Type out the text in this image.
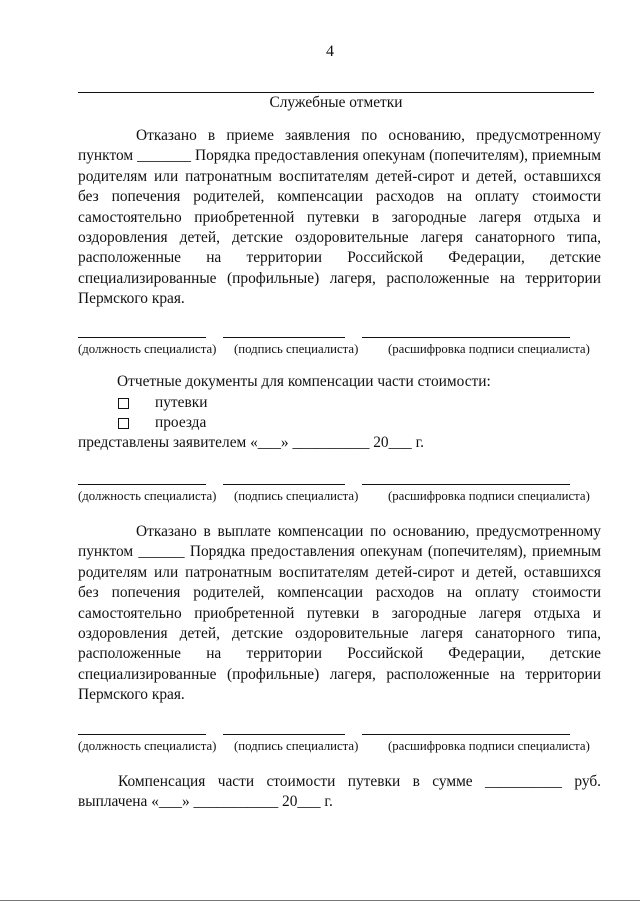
4
Служебные отметки
Отказано в приеме заявления по основанию, предусмотренному
пунктом _______ Порядка предоставления опекунам (попечителям), приемным
родителям или патронатным воспитателям детей-сирот и детей, оставшихся
без попечения родителей, компенсации расходов на оплату стоимости
самостоятельно приобретенной путевки в загородные лагеря отдыха и
оздоровления детей, детские оздоровительные лагеря санаторного типа,
расположенные на территории Российской Федерации, детские
специализированные (профильные) лагеря, расположенные на территории
Пермского края.
(должность специалиста) (подпись специалиста) (расшифровка подписи специалиста)
Отчетные документы для компенсации части стоимости:
путевки
проезда
представлены заявителем «___» __________ 20___ г.
(должность специалиста) (подпись специалиста) (расшифровка подписи специалиста)
Отказано в выплате компенсации по основанию, предусмотренному
пунктом ______ Порядка предоставления опекунам (попечителям), приемным
родителям или патронатным воспитателям детей-сирот и детей, оставшихся
без попечения родителей, компенсации расходов на оплату стоимости
самостоятельно приобретенной путевки в загородные лагеря отдыха и
оздоровления детей, детские оздоровительные лагеря санаторного типа,
расположенные на территории Российской Федерации, детские
специализированные (профильные) лагеря, расположенные на территории
Пермского края.
(должность специалиста) (подпись специалиста) (расшифровка подписи специалиста)
Компенсация части стоимости путевки в сумме __________ руб.
выплачена «___» ___________ 20___ г.
